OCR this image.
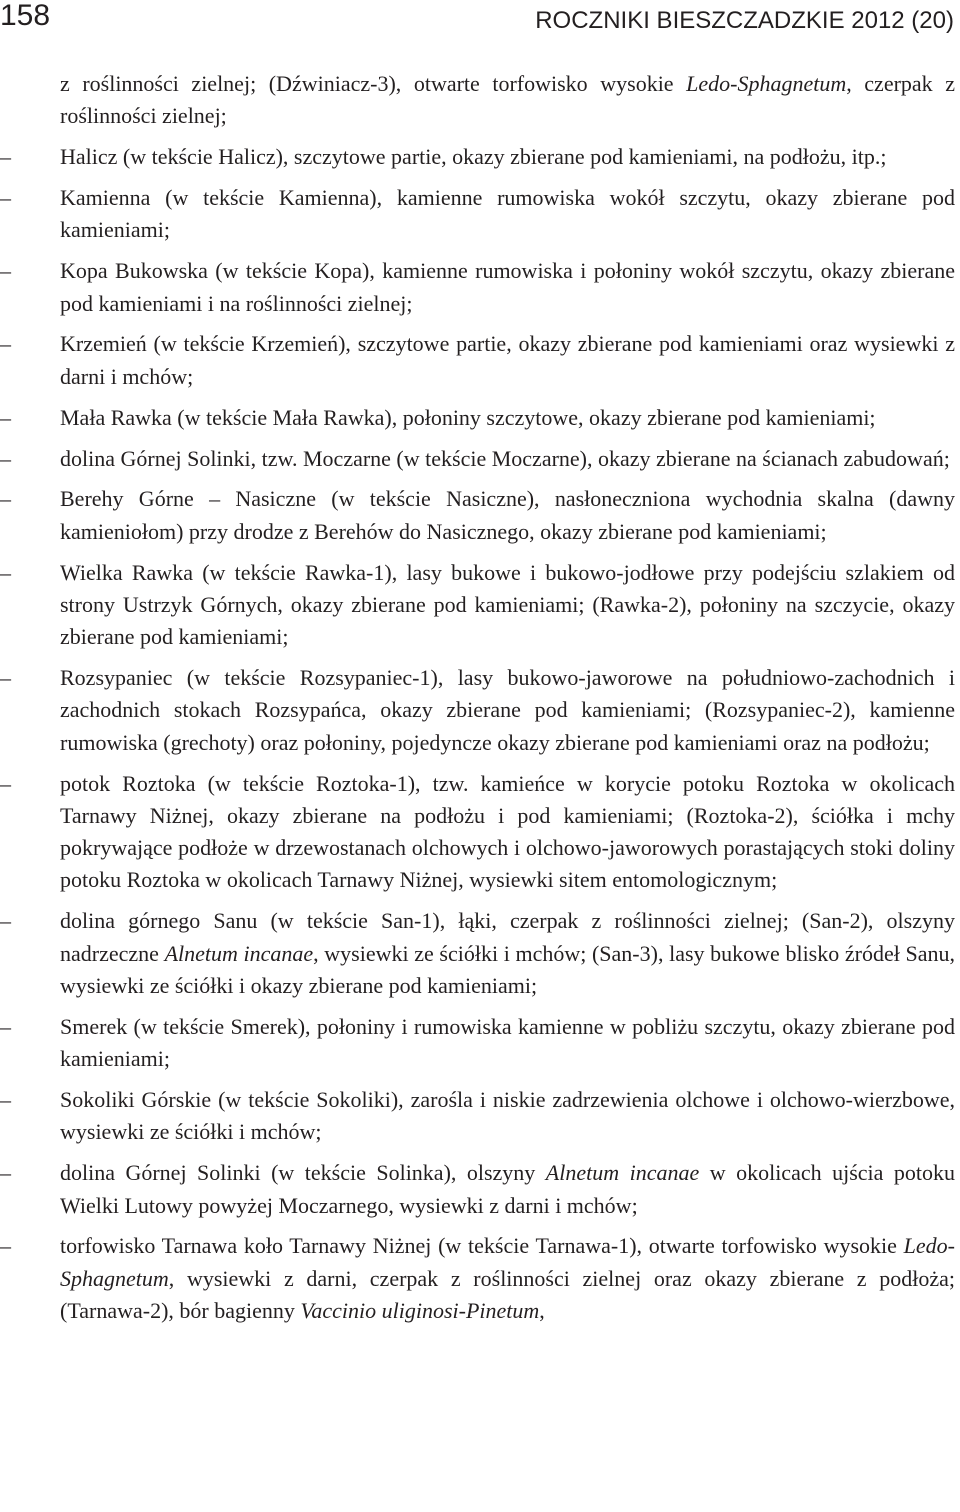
158	ROCZNIKI BIESZCZADZKIE 2012 (20)
z roślinności zielnej; (Dźwiniacz-3), otwarte torfowisko wysokie Ledo-Sphagnetum, czerpak z roślinności zielnej;
– Halicz (w tekście Halicz), szczytowe partie, okazy zbierane pod kamieniami, na podłożu, itp.;
– Kamienna (w tekście Kamienna), kamienne rumowiska wokół szczytu, okazy zbierane pod kamieniami;
– Kopa Bukowska (w tekście Kopa), kamienne rumowiska i połoniny wokół szczytu, okazy zbierane pod kamieniami i na roślinności zielnej;
– Krzemień (w tekście Krzemień), szczytowe partie, okazy zbierane pod kamieniami oraz wysiewki z darni i mchów;
– Mała Rawka (w tekście Mała Rawka), połoniny szczytowe, okazy zbierane pod kamieniami;
– dolina Górnej Solinki, tzw. Moczarne (w tekście Moczarne), okazy zbierane na ścianach zabudowań;
– Berehy Górne – Nasiczne (w tekście Nasiczne), nasłoneczniona wychodnia skalna (dawny kamieniołom) przy drodze z Berehów do Nasicznego, okazy zbierane pod kamieniami;
– Wielka Rawka (w tekście Rawka-1), lasy bukowe i bukowo-jodłowe przy podejściu szlakiem od strony Ustrzyk Górnych, okazy zbierane pod kamieniami; (Rawka-2), połoniny na szczycie, okazy zbierane pod kamieniami;
– Rozsypaniec (w tekście Rozsypaniec-1), lasy bukowo-jaworowe na południowo-zachodnich i zachodnich stokach Rozsypańca, okazy zbierane pod kamieniami; (Rozsypaniec-2), kamienne rumowiska (grechoty) oraz połoniny, pojedyncze okazy zbierane pod kamieniami oraz na podłożu;
– potok Roztoka (w tekście Roztoka-1), tzw. kamieńce w korycie potoku Roztoka w okolicach Tarnawy Niżnej, okazy zbierane na podłożu i pod kamieniami; (Roztoka-2), ściółka i mchy pokrywające podłoże w drzewostanach olchowych i olchowo-jaworowych porastających stoki doliny potoku Roztoka w okolicach Tarnawy Niżnej, wysiewki sitem entomologicznym;
– dolina górnego Sanu (w tekście San-1), łąki, czerpak z roślinności zielnej; (San-2), olszyny nadrzeczne Alnetum incanae, wysiewki ze ściółki i mchów; (San-3), lasy bukowe blisko źródeł Sanu, wysiewki ze ściółki i okazy zbierane pod kamieniami;
– Smerek (w tekście Smerek), połoniny i rumowiska kamienne w pobliżu szczytu, okazy zbierane pod kamieniami;
– Sokoliki Górskie (w tekście Sokoliki), zarośla i niskie zadrzewienia olchowe i olchowo-wierzbowe, wysiewki ze ściółki i mchów;
– dolina Górnej Solinki (w tekście Solinka), olszyny Alnetum incanae w okolicach ujścia potoku Wielki Lutowy powyżej Moczarnego, wysiewki z darni i mchów;
– torfowisko Tarnawa koło Tarnawy Niżnej (w tekście Tarnawa-1), otwarte torfowisko wysokie Ledo-Sphagnetum, wysiewki z darni, czerpak z roślinności zielnej oraz okazy zbierane z podłoża; (Tarnawa-2), bór bagienny Vaccinio uliginosi-Pinetum,
